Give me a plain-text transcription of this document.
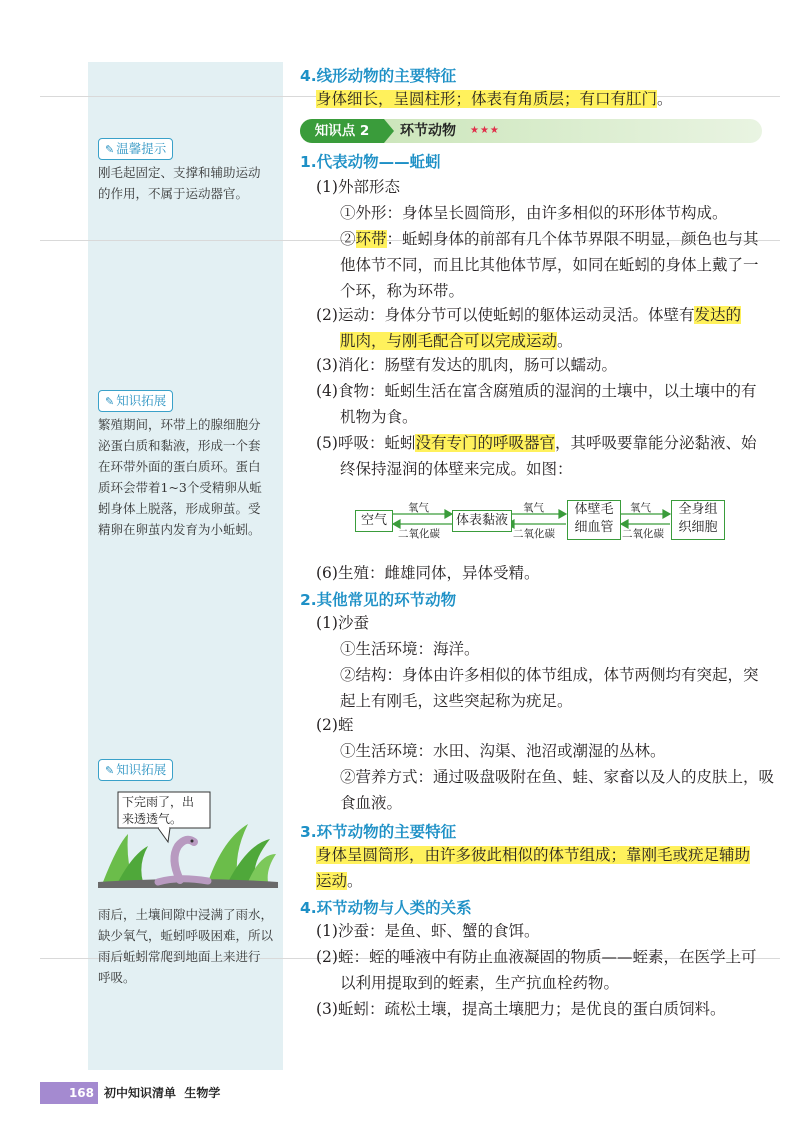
✎ 温馨提示
刚毛起固定、支撑和辅助运动
的作用，不属于运动器官。
✎ 知识拓展
繁殖期间，环带上的腺细胞分
泌蛋白质和黏液，形成一个套
在环带外面的蛋白质环。蛋白
质环会带着1~3个受精卵从蚯
蚓身体上脱落，形成卵茧。受
精卵在卵茧内发育为小蚯蚓。
✎ 知识拓展
下完雨了，出
来透透气。
雨后，土壤间隙中浸满了雨水，
缺少氧气，蚯蚓呼吸困难，所以
雨后蚯蚓常爬到地面上来进行
呼吸。
4.线形动物的主要特征
身体细长，呈圆柱形；体表有角质层；有口有肛门。
知识点 2	环节动物 ★★★
1.代表动物——蚯蚓
(1)外部形态
①外形：身体呈长圆筒形，由许多相似的环形体节构成。
②环带：蚯蚓身体的前部有几个体节界限不明显，颜色也与其
他体节不同，而且比其他体节厚，如同在蚯蚓的身体上戴了一
个环，称为环带。
(2)运动：身体分节可以使蚯蚓的躯体运动灵活。体壁有发达的
肌肉，与刚毛配合可以完成运动。
(3)消化：肠壁有发达的肌肉，肠可以蠕动。
(4)食物：蚯蚓生活在富含腐殖质的湿润的土壤中，以土壤中的有
机物为食。
(5)呼吸：蚯蚓没有专门的呼吸器官，其呼吸要靠能分泌黏液、始
终保持湿润的体壁来完成。如图：
空气	体表黏液
体壁毛
细血管
全身组
织细胞
氧气
二氧化碳
氧气
二氧化碳
氧气
二氧化碳
(6)生殖：雌雄同体，异体受精。
2.其他常见的环节动物
(1)沙蚕
①生活环境：海洋。
②结构：身体由许多相似的体节组成，体节两侧均有突起，突
起上有刚毛，这些突起称为疣足。
(2)蛭
①生活环境：水田、沟渠、池沼或潮湿的丛林。
②营养方式：通过吸盘吸附在鱼、蛙、家畜以及人的皮肤上，吸
食血液。
3.环节动物的主要特征
身体呈圆筒形，由许多彼此相似的体节组成；靠刚毛或疣足辅助
运动。
4.环节动物与人类的关系
(1)沙蚕：是鱼、虾、蟹的食饵。
(2)蛭：蛭的唾液中有防止血液凝固的物质——蛭素，在医学上可
以利用提取到的蛭素，生产抗血栓药物。
(3)蚯蚓：疏松土壤，提高土壤肥力；是优良的蛋白质饲料。
168 初中知识清单 生物学
